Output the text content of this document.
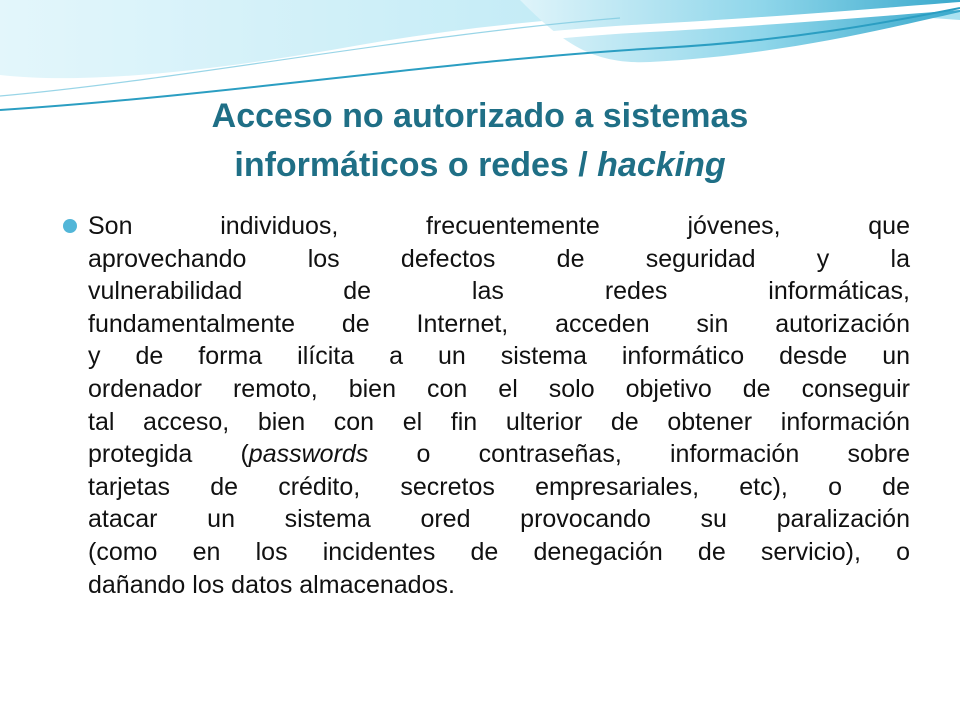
Acceso no autorizado a sistemas
informáticos o redes / hacking
Son individuos, frecuentemente jóvenes, que
aprovechando los defectos de seguridad y la
vulnerabilidad de las redes informáticas,
fundamentalmente de Internet, acceden sin autorización
y de forma ilícita a un sistema informático desde un
ordenador remoto, bien con el solo objetivo de conseguir
tal acceso, bien con el fin ulterior de obtener información
protegida (passwords o contraseñas, información sobre
tarjetas de crédito, secretos empresariales, etc), o de
atacar un sistema ored provocando su paralización
(como en los incidentes de denegación de servicio), o
dañando los datos almacenados.
